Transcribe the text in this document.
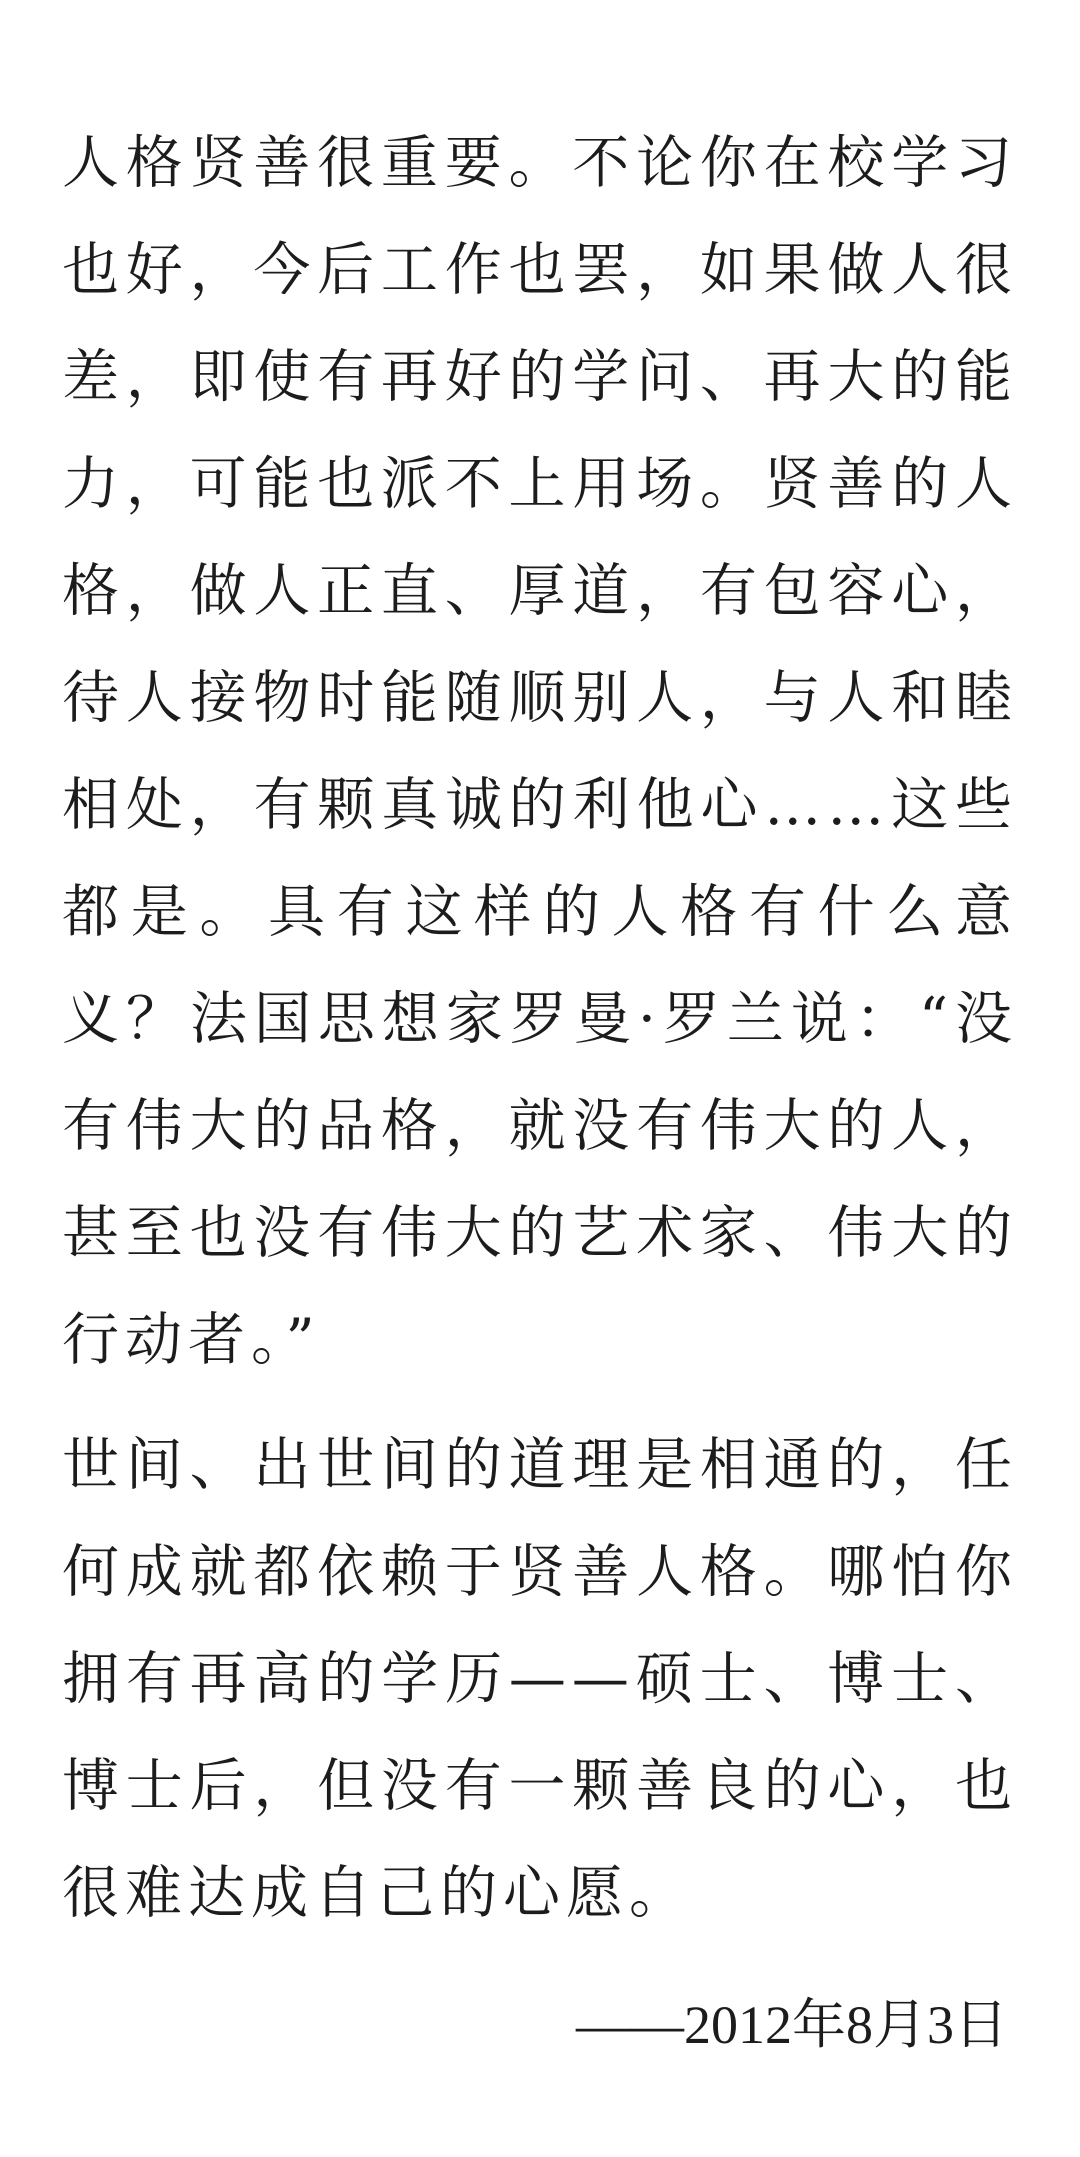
人格贤善很重要。不论你在校学习也好，今后工作也罢，如果做人很差，即使有再好的学问、再大的能力，可能也派不上用场。贤善的人格，做人正直、厚道，有包容心，待人接物时能随顺别人，与人和睦相处，有颗真诚的利他心……这些都是。具有这样的人格有什么意义？法国思想家罗曼·罗兰说：“没有伟大的品格，就没有伟大的人，甚至也没有伟大的艺术家、伟大的行动者。”

世间、出世间的道理是相通的，任何成就都依赖于贤善人格。哪怕你拥有再高的学历——硕士、博士、博士后，但没有一颗善良的心，也很难达成自己的心愿。

——2012年8月3日
